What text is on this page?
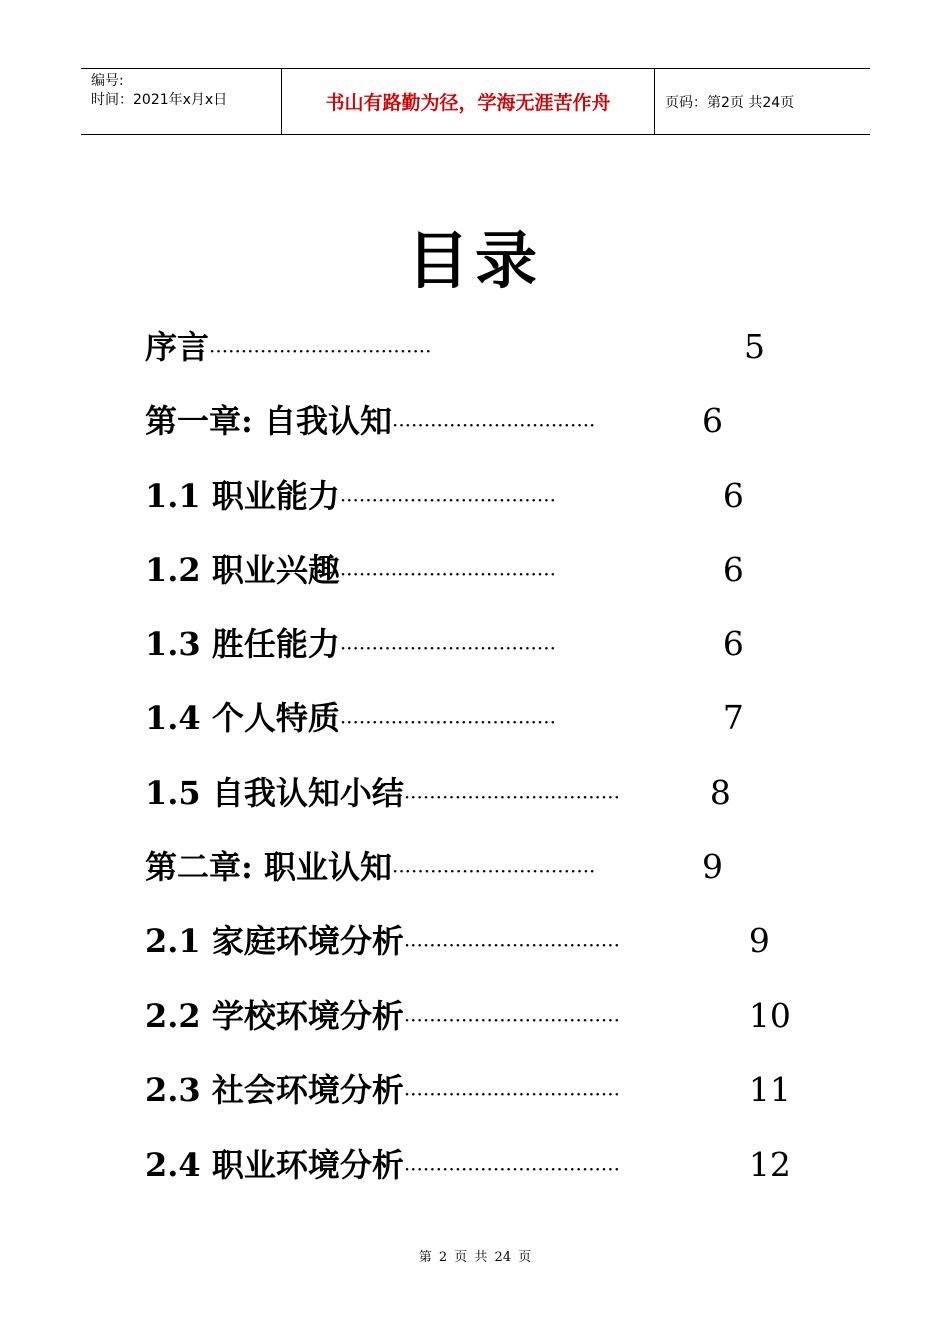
编号:
时间：2021年x月x日	书山有路勤为径，学海无涯苦作舟	页码：第2页 共24页
目录
序言 ···································	5
第一章: 自我认知 ································	6
1.1 职业能力 ··································	6
1.2 职业兴趣 ··································	6
1.3 胜任能力 ··································	6
1.4 个人特质 ··································	7
1.5 自我认知小结 ··································	8
第二章: 职业认知 ································	9
2.1 家庭环境分析 ··································	9
2.2 学校环境分析 ··································	10
2.3 社会环境分析 ··································	11
2.4 职业环境分析 ··································	12
第 2 页 共 24 页
